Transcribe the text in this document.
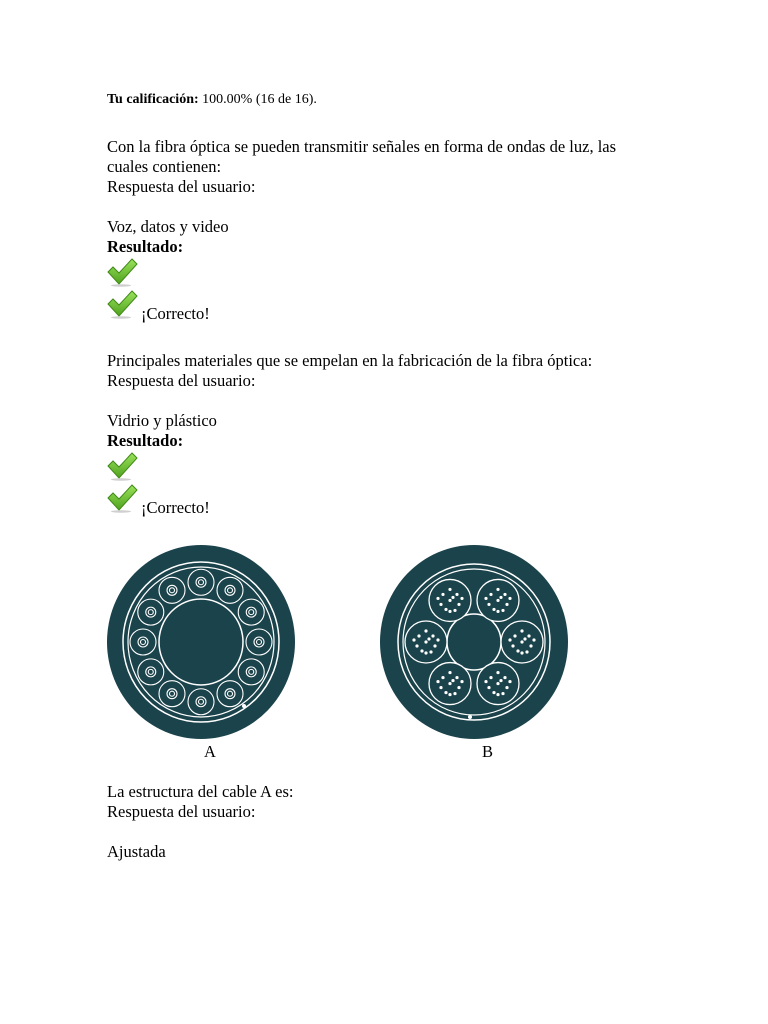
Tu calificación: 100.00% (16 de 16).
Con la fibra óptica se pueden transmitir señales en forma de ondas de luz, las
cuales contienen:
Respuesta del usuario:
Voz, datos y video
Resultado:
¡Correcto!
Principales materiales que se empelan en la fabricación de la fibra óptica:
Respuesta del usuario:
Vidrio y plástico
Resultado:
¡Correcto!
A	B
La estructura del cable A es:
Respuesta del usuario:
Ajustada
